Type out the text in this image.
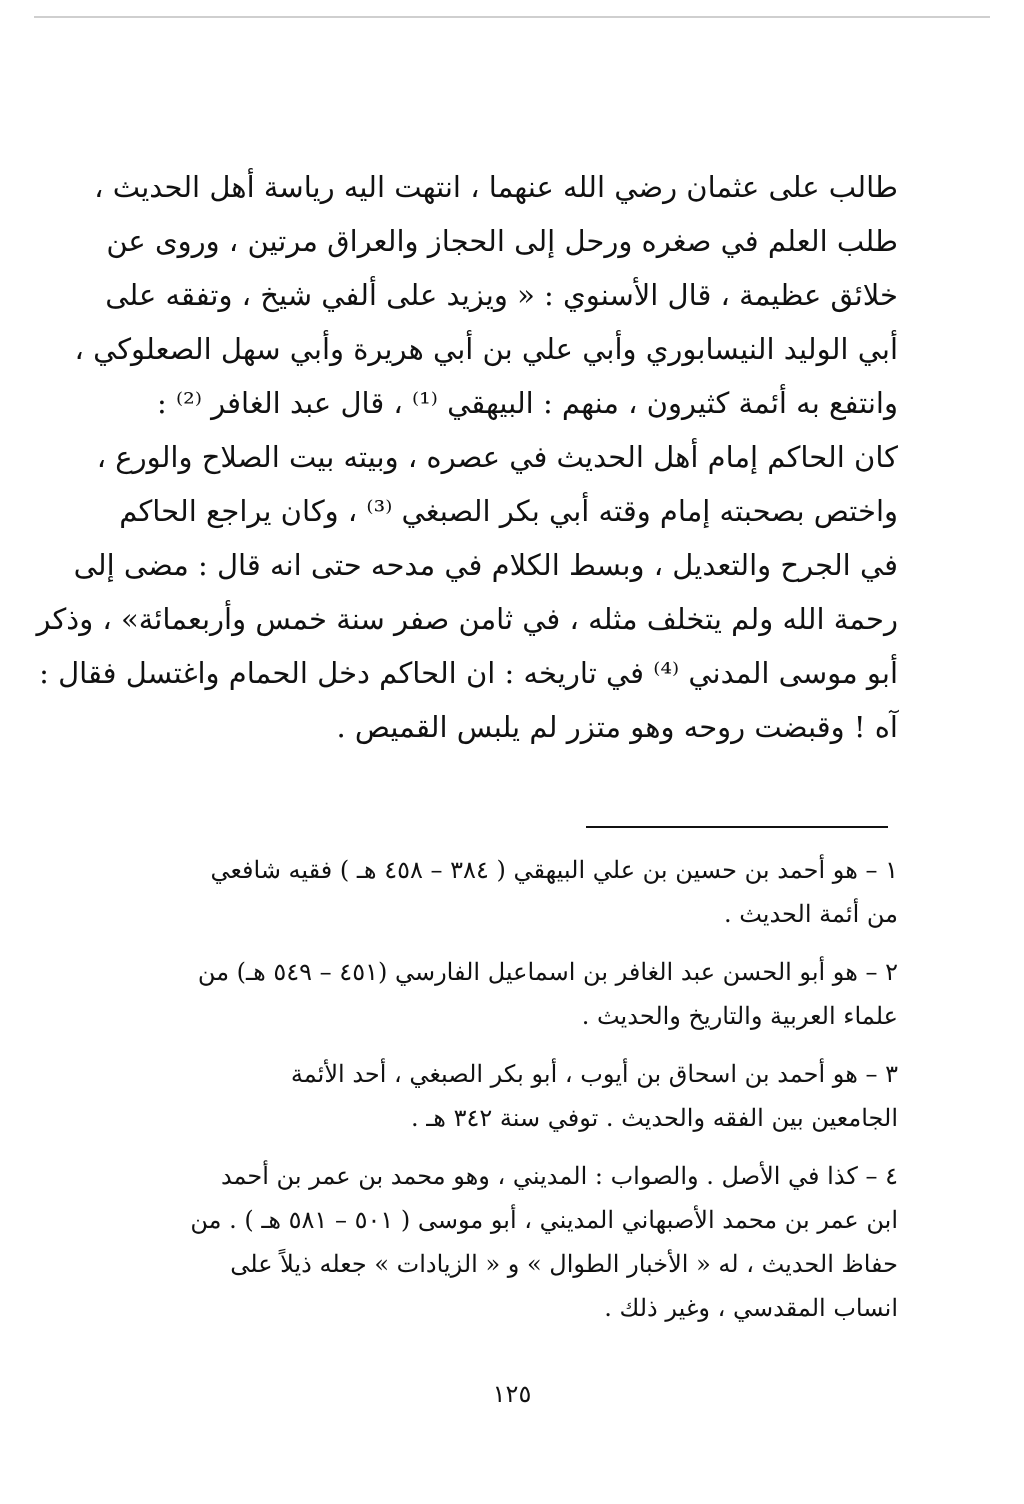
طالب على عثمان رضي الله عنهما ، انتهت اليه رياسة أهل الحديث ،
طلب العلم في صغره ورحل إلى الحجاز والعراق مرتين ، وروى عن
خلائق عظيمة ، قال الأسنوي : « ويزيد على ألفي شيخ ، وتفقه على
أبي الوليد النيسابوري وأبي علي بن أبي هريرة وأبي سهل الصعلوكي ،
وانتفع به أئمة كثيرون ، منهم : البيهقي ⁽¹⁾ ، قال عبد الغافر ⁽²⁾ :
كان الحاكم إمام أهل الحديث في عصره ، وبيته بيت الصلاح والورع ،
واختص بصحبته إمام وقته أبي بكر الصبغي ⁽³⁾ ، وكان يراجع الحاكم
في الجرح والتعديل ، وبسط الكلام في مدحه حتى انه قال : مضى إلى
رحمة الله ولم يتخلف مثله ، في ثامن صفر سنة خمس وأربعمائة» ، وذكر
أبو موسى المدني ⁽⁴⁾ في تاريخه : ان الحاكم دخل الحمام واغتسل فقال :
آه ! وقبضت روحه وهو متزر لم يلبس القميص .

١ – هو أحمد بن حسين بن علي البيهقي ( ٣٨٤ – ٤٥٨ هـ ) فقيه شافعي
من أئمة الحديث .

٢ – هو أبو الحسن عبد الغافر بن اسماعيل الفارسي (٤٥١ – ٥٤٩ هـ) من
علماء العربية والتاريخ والحديث .

٣ – هو أحمد بن اسحاق بن أيوب ، أبو بكر الصبغي ، أحد الأئمة
الجامعين بين الفقه والحديث . توفي سنة ٣٤٢ هـ .

٤ – كذا في الأصل . والصواب : المديني ، وهو محمد بن عمر بن أحمد
ابن عمر بن محمد الأصبهاني المديني ، أبو موسى ( ٥٠١ – ٥٨١ هـ ) . من
حفاظ الحديث ، له « الأخبار الطوال » و « الزيادات » جعله ذيلاً على
انساب المقدسي ، وغير ذلك .

١٢٥
